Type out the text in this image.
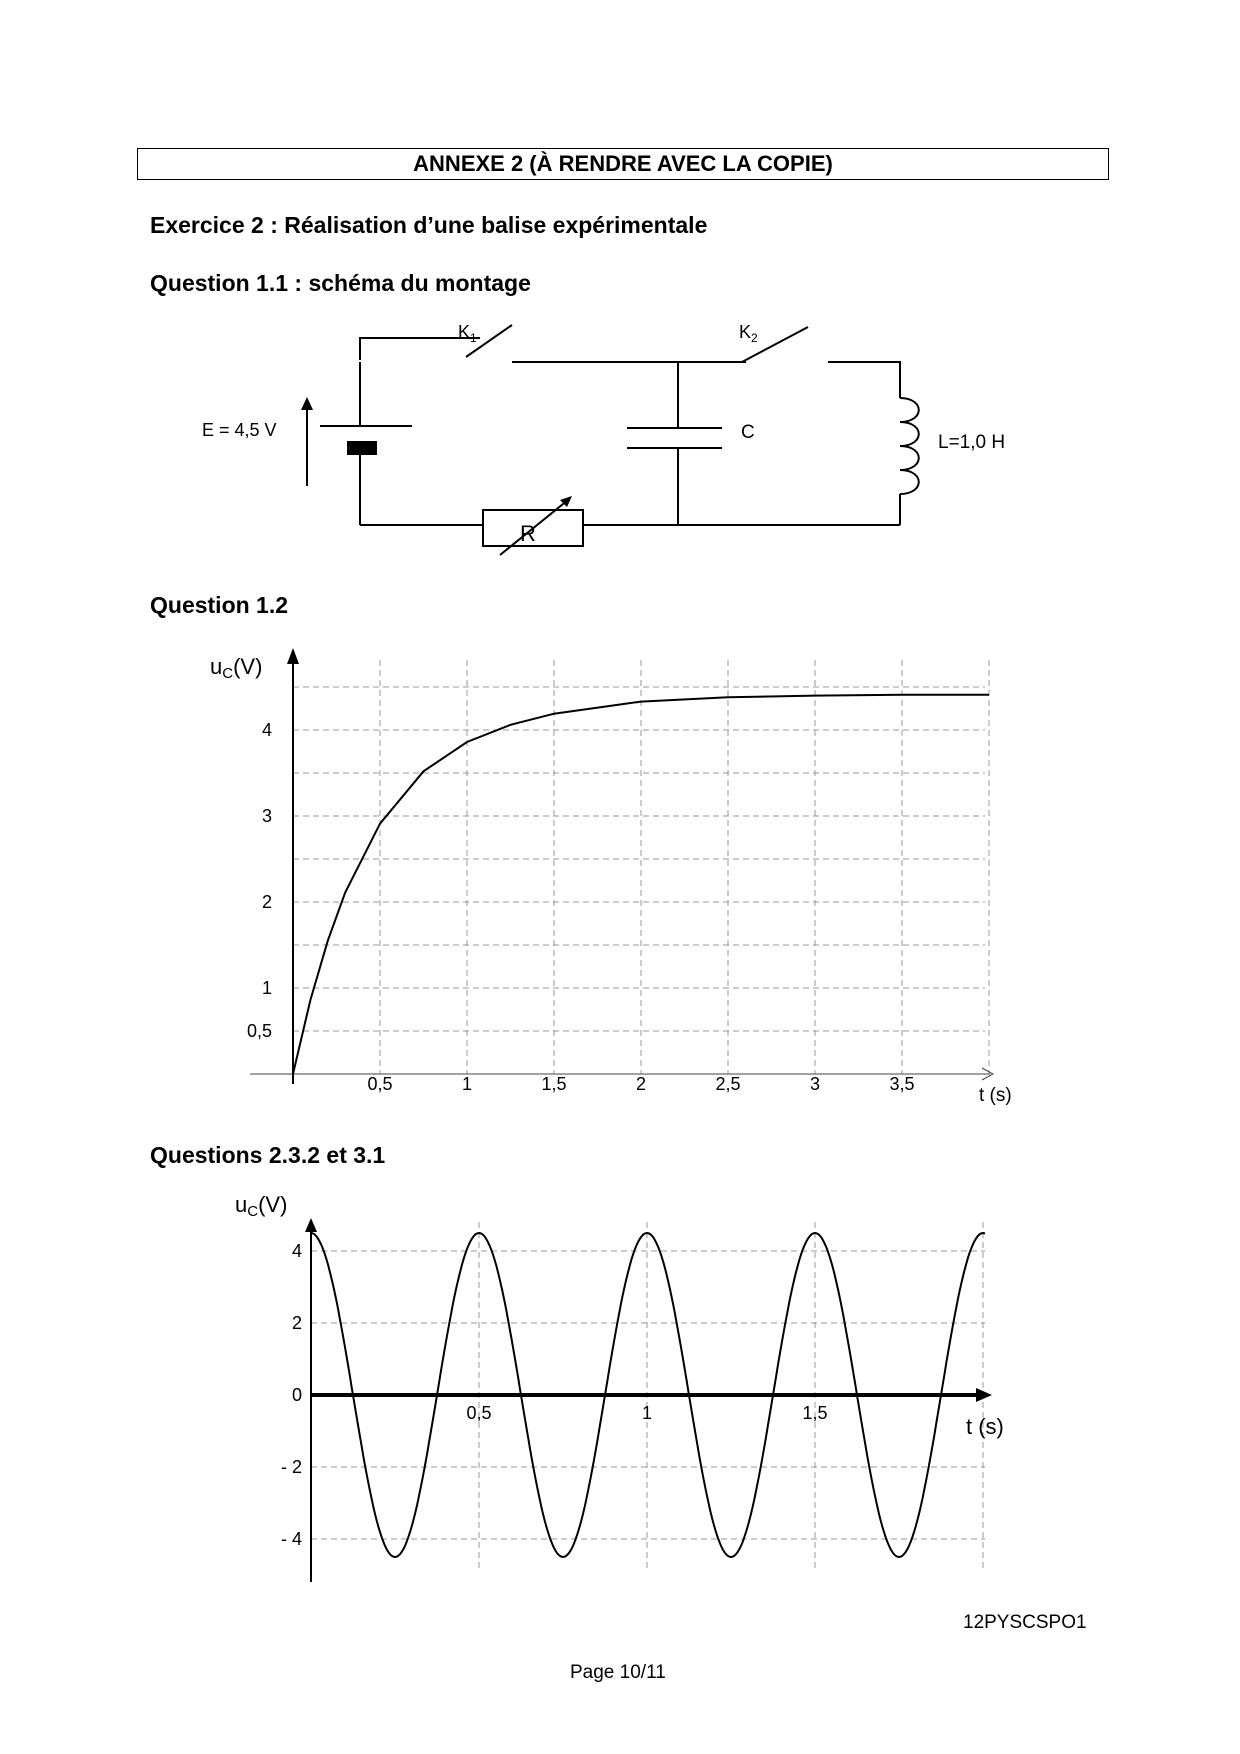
ANNEXE 2 (À RENDRE AVEC LA COPIE)
Exercice 2 : Réalisation d’une balise expérimentale
Question 1.1 : schéma du montage
$K_1$	$K_2$
E = 4,5 V	C	L=1,0 H
R
Question 1.2
0,5	1	1,5	2	2,5	3	3,5
0,5
1
2
3
4
uC(V)
t (s)
Questions 2.3.2 et 3.1
0,5	1	1,5
4
2
0
- 2
- 4
uC(V)
t (s)
12PYSCSPO1
Page 10/11
